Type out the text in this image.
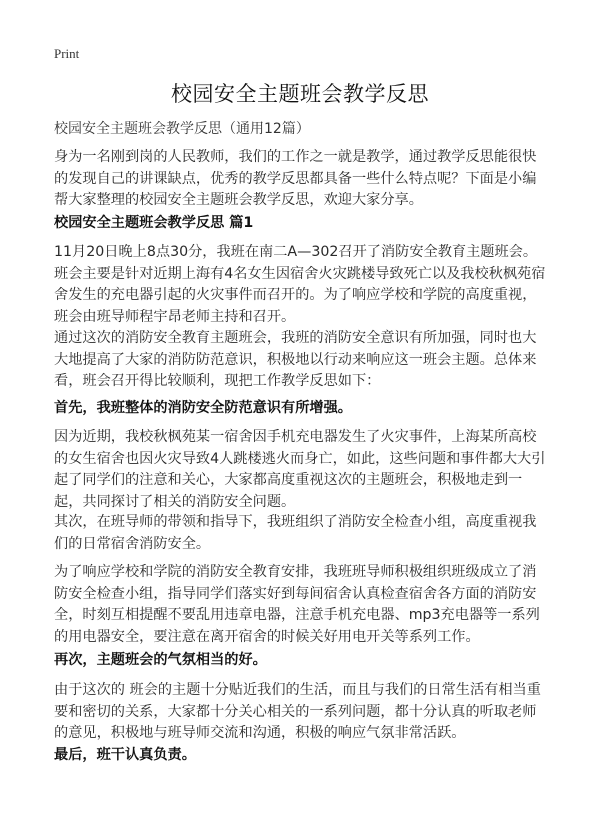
Print
校园安全主题班会教学反思
校园安全主题班会教学反思（通用12篇）
身为一名刚到岗的人民教师，我们的工作之一就是教学，通过教学反思能很快的发现自己的讲课缺点，优秀的教学反思都具备一些什么特点呢？下面是小编帮大家整理的校园安全主题班会教学反思，欢迎大家分享。
校园安全主题班会教学反思 篇1
11月20日晚上8点30分，我班在南二A—302召开了消防安全教育主题班会。班会主要是针对近期上海有4名女生因宿舍火灾跳楼导致死亡以及我校秋枫苑宿舍发生的充电器引起的火灾事件而召开的。为了响应学校和学院的高度重视，班会由班导师程宇昂老师主持和召开。
通过这次的消防安全教育主题班会，我班的消防安全意识有所加强，同时也大大地提高了大家的消防防范意识，积极地以行动来响应这一班会主题。总体来看，班会召开得比较顺利，现把工作教学反思如下：
首先，我班整体的消防安全防范意识有所增强。
因为近期，我校秋枫苑某一宿舍因手机充电器发生了火灾事件，上海某所高校的女生宿舍也因火灾导致4人跳楼逃火而身亡，如此，这些问题和事件都大大引起了同学们的注意和关心，大家都高度重视这次的主题班会，积极地走到一起，共同探讨了相关的消防安全问题。
其次，在班导师的带领和指导下，我班组织了消防安全检查小组，高度重视我们的日常宿舍消防安全。
为了响应学校和学院的消防安全教育安排，我班班导师积极组织班级成立了消防安全检查小组，指导同学们落实好到每间宿舍认真检查宿舍各方面的消防安全，时刻互相提醒不要乱用违章电器，注意手机充电器、mp3充电器等一系列的用电器安全，要注意在离开宿舍的时候关好用电开关等系列工作。
再次，主题班会的气氛相当的好。
由于这次的 班会的主题十分贴近我们的生活，而且与我们的日常生活有相当重要和密切的关系，大家都十分关心相关的一系列问题，都十分认真的听取老师的意见，积极地与班导师交流和沟通，积极的响应气氛非常活跃。
最后，班干认真负责。
